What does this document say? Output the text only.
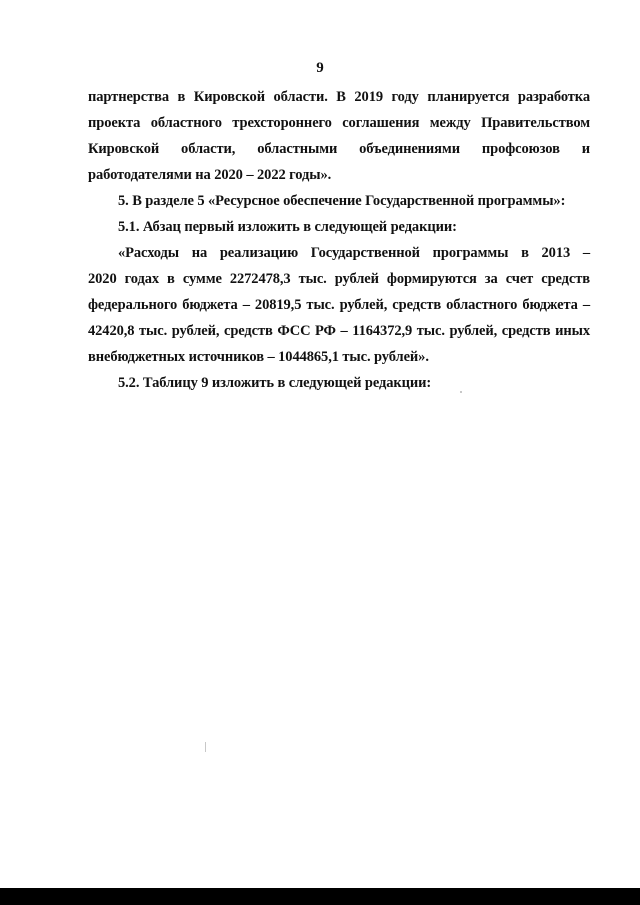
9

партнерства в Кировской области. В 2019 году планируется разработка

проекта областного трехстороннего соглашения между Правительством

Кировской области, областными объединениями профсоюзов и

работодателями на 2020 – 2022 годы».

5. В разделе 5 «Ресурсное обеспечение Государственной программы»:

5.1. Абзац первый изложить в следующей редакции:

«Расходы на реализацию Государственной программы в 2013 –

2020 годах в сумме 2272478,3 тыс. рублей формируются за счет средств

федерального бюджета – 20819,5 тыс. рублей, средств областного бюджета –

42420,8 тыс. рублей, средств ФСС РФ – 1164372,9 тыс. рублей, средств иных

внебюджетных источников – 1044865,1 тыс. рублей».

5.2. Таблицу 9 изложить в следующей редакции:
